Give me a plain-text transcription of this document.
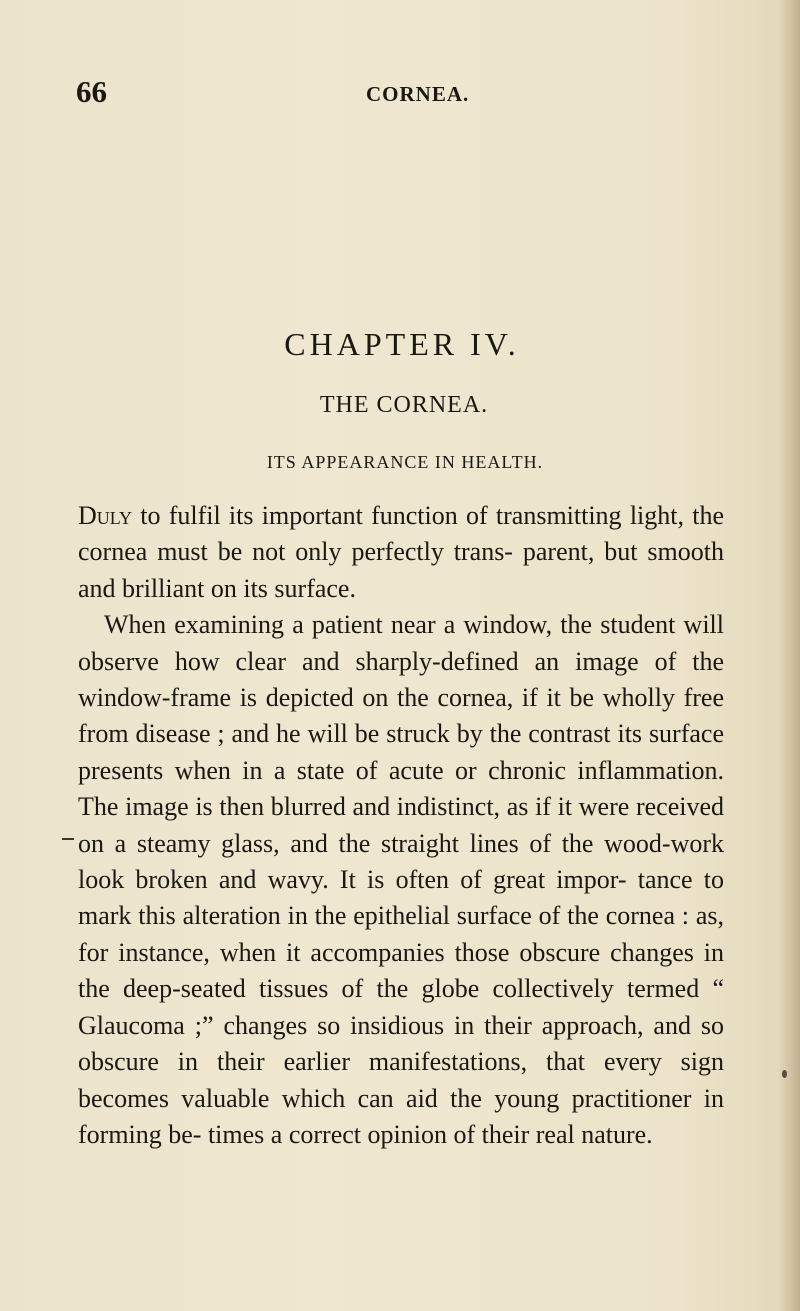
66	CORNEA.
CHAPTER IV.
THE CORNEA.
ITS APPEARANCE IN HEALTH.

Duly to fulfil its important function of transmitting light, the cornea must be not only perfectly trans- parent, but smooth and brilliant on its surface.

When examining a patient near a window, the student will observe how clear and sharply-defined an image of the window-frame is depicted on the cornea, if it be wholly free from disease ; and he will be struck by the contrast its surface presents when in a state of acute or chronic inflammation. The image is then blurred and indistinct, as if it were received on a steamy glass, and the straight lines of the wood-work look broken and wavy. It is often of great impor- tance to mark this alteration in the epithelial surface of the cornea : as, for instance, when it accompanies those obscure changes in the deep-seated tissues of the globe collectively termed “ Glaucoma ;” changes so insidious in their approach, and so obscure in their earlier manifestations, that every sign becomes valuable which can aid the young practitioner in forming be- times a correct opinion of their real nature.
